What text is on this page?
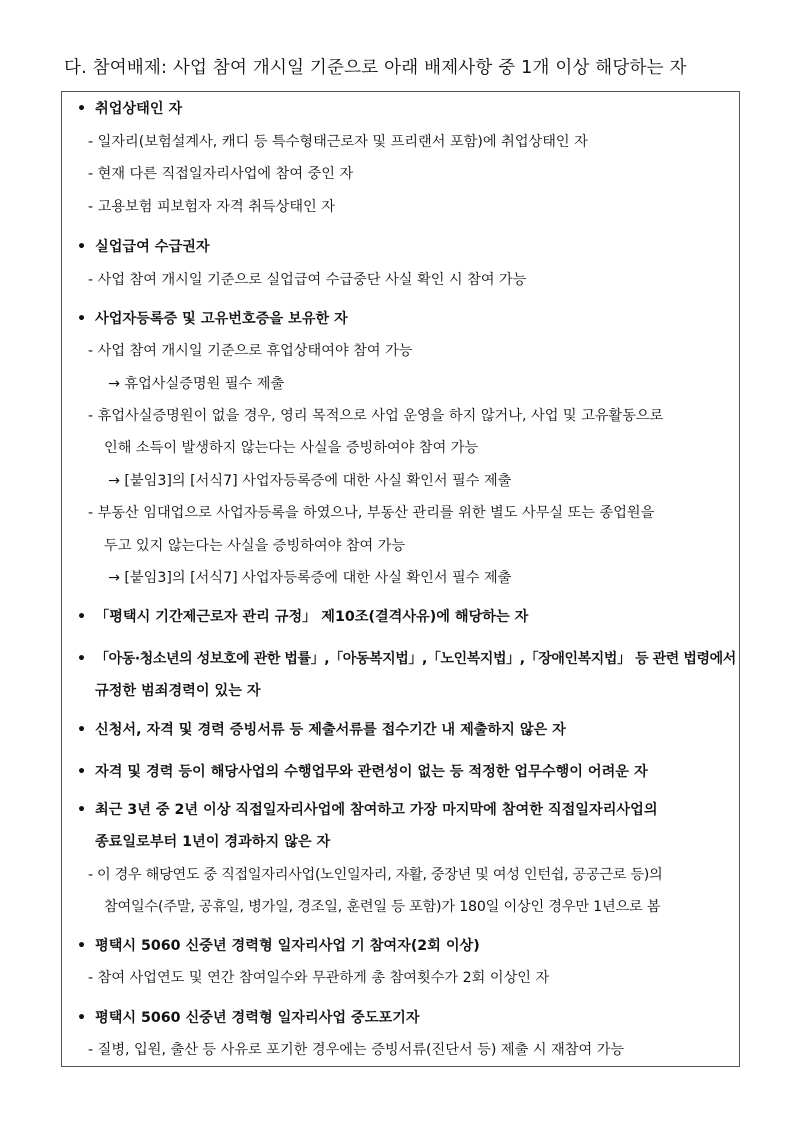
다. 참여배제: 사업 참여 개시일 기준으로 아래 배제사항 중 1개 이상 해당하는 자
• 취업상태인 자
- 일자리(보험설계사, 캐디 등 특수형태근로자 및 프리랜서 포함)에 취업상태인 자
- 현재 다른 직접일자리사업에 참여 중인 자
- 고용보험 피보험자 자격 취득상태인 자
• 실업급여 수급권자
- 사업 참여 개시일 기준으로 실업급여 수급중단 사실 확인 시 참여 가능
• 사업자등록증 및 고유번호증을 보유한 자
- 사업 참여 개시일 기준으로 휴업상태여야 참여 가능
→ 휴업사실증명원 필수 제출
- 휴업사실증명원이 없을 경우, 영리 목적으로 사업 운영을 하지 않거나, 사업 및 고유활동으로
인해 소득이 발생하지 않는다는 사실을 증빙하여야 참여 가능
→ [붙임3]의 [서식7] 사업자등록증에 대한 사실 확인서 필수 제출
- 부동산 임대업으로 사업자등록을 하였으나, 부동산 관리를 위한 별도 사무실 또는 종업원을
두고 있지 않는다는 사실을 증빙하여야 참여 가능
→ [붙임3]의 [서식7] 사업자등록증에 대한 사실 확인서 필수 제출
• 「평택시 기간제근로자 관리 규정」 제10조(결격사유)에 해당하는 자
• 「아동·청소년의 성보호에 관한 법률」,「아동복지법」,「노인복지법」,「장애인복지법」 등 관련 법령에서
규정한 범죄경력이 있는 자
• 신청서, 자격 및 경력 증빙서류 등 제출서류를 접수기간 내 제출하지 않은 자
• 자격 및 경력 등이 해당사업의 수행업무와 관련성이 없는 등 적정한 업무수행이 어려운 자
• 최근 3년 중 2년 이상 직접일자리사업에 참여하고 가장 마지막에 참여한 직접일자리사업의
종료일로부터 1년이 경과하지 않은 자
- 이 경우 해당연도 중 직접일자리사업(노인일자리, 자활, 중장년 및 여성 인턴쉽, 공공근로 등)의
참여일수(주말, 공휴일, 병가일, 경조일, 훈련일 등 포함)가 180일 이상인 경우만 1년으로 봄
• 평택시 5060 신중년 경력형 일자리사업 기 참여자(2회 이상)
- 참여 사업연도 및 연간 참여일수와 무관하게 총 참여횟수가 2회 이상인 자
• 평택시 5060 신중년 경력형 일자리사업 중도포기자
- 질병, 입원, 출산 등 사유로 포기한 경우에는 증빙서류(진단서 등) 제출 시 재참여 가능
